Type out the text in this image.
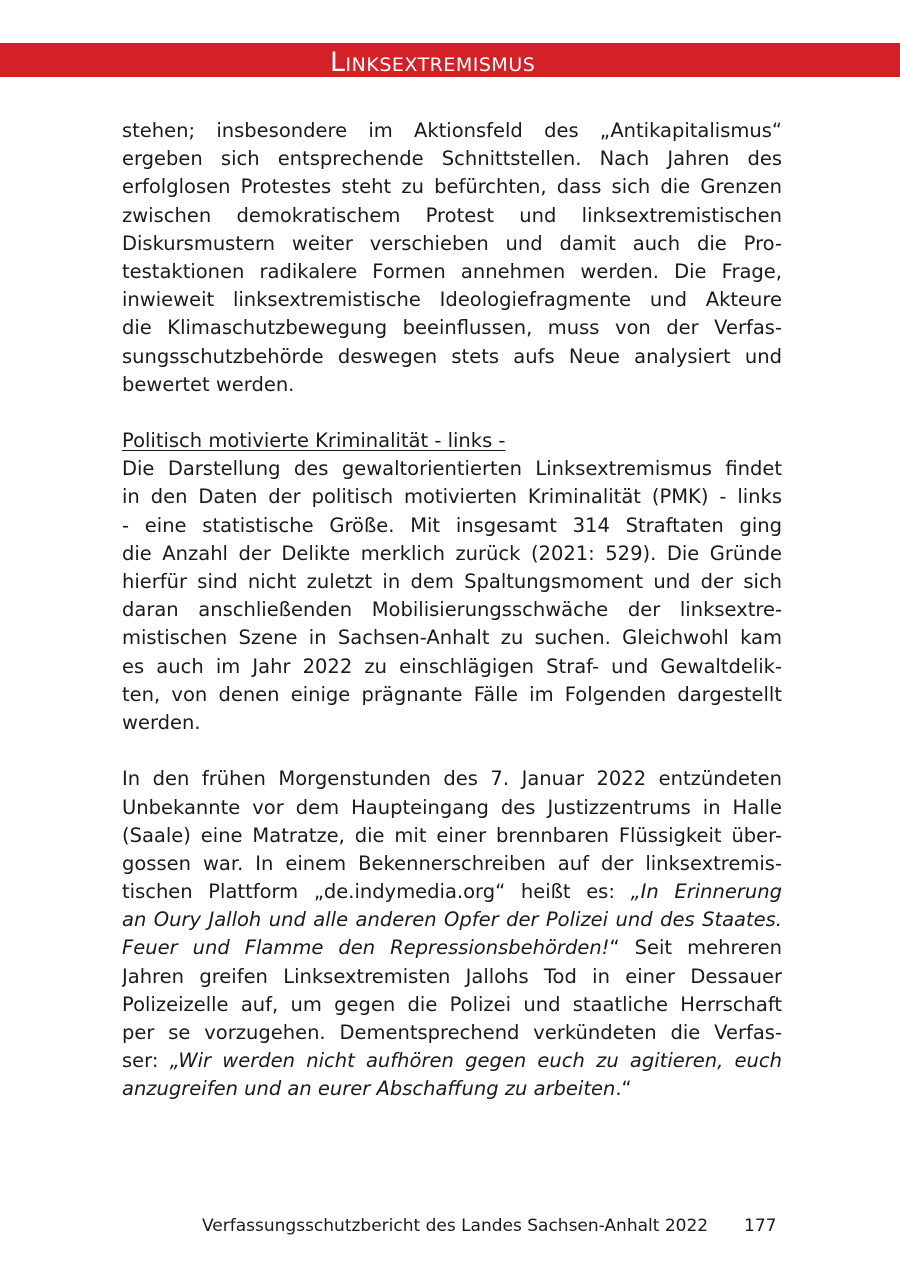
Linksextremismus
stehen; insbesondere im Aktionsfeld des „Antikapitalismus“
ergeben sich entsprechende Schnittstellen. Nach Jahren des
erfolglosen Protestes steht zu befürchten, dass sich die Grenzen
zwischen demokratischem Protest und linksextremistischen
Diskursmustern weiter verschieben und damit auch die Pro-
testaktionen radikalere Formen annehmen werden. Die Frage,
inwieweit linksextremistische Ideologiefragmente und Akteure
die Klimaschutzbewegung beeinflussen, muss von der Verfas-
sungsschutzbehörde deswegen stets aufs Neue analysiert und
bewertet werden.
Politisch motivierte Kriminalität - links -
Die Darstellung des gewaltorientierten Linksextremismus findet
in den Daten der politisch motivierten Kriminalität (PMK) - links
- eine statistische Größe. Mit insgesamt 314 Straftaten ging
die Anzahl der Delikte merklich zurück (2021: 529). Die Gründe
hierfür sind nicht zuletzt in dem Spaltungsmoment und der sich
daran anschließenden Mobilisierungsschwäche der linksextre-
mistischen Szene in Sachsen-Anhalt zu suchen. Gleichwohl kam
es auch im Jahr 2022 zu einschlägigen Straf- und Gewaltdelik-
ten, von denen einige prägnante Fälle im Folgenden dargestellt
werden.
In den frühen Morgenstunden des 7. Januar 2022 entzündeten
Unbekannte vor dem Haupteingang des Justizzentrums in Halle
(Saale) eine Matratze, die mit einer brennbaren Flüssigkeit über-
gossen war. In einem Bekennerschreiben auf der linksextremis-
tischen Plattform „de.indymedia.org“ heißt es: „In Erinnerung
an Oury Jalloh und alle anderen Opfer der Polizei und des Staates.
Feuer und Flamme den Repressionsbehörden!“ Seit mehreren
Jahren greifen Linksextremisten Jallohs Tod in einer Dessauer
Polizeizelle auf, um gegen die Polizei und staatliche Herrschaft
per se vorzugehen. Dementsprechend verkündeten die Verfas-
ser: „Wir werden nicht aufhören gegen euch zu agitieren, euch
anzugreifen und an eurer Abschaffung zu arbeiten.“
Verfassungsschutzbericht des Landes Sachsen-Anhalt 2022 177
